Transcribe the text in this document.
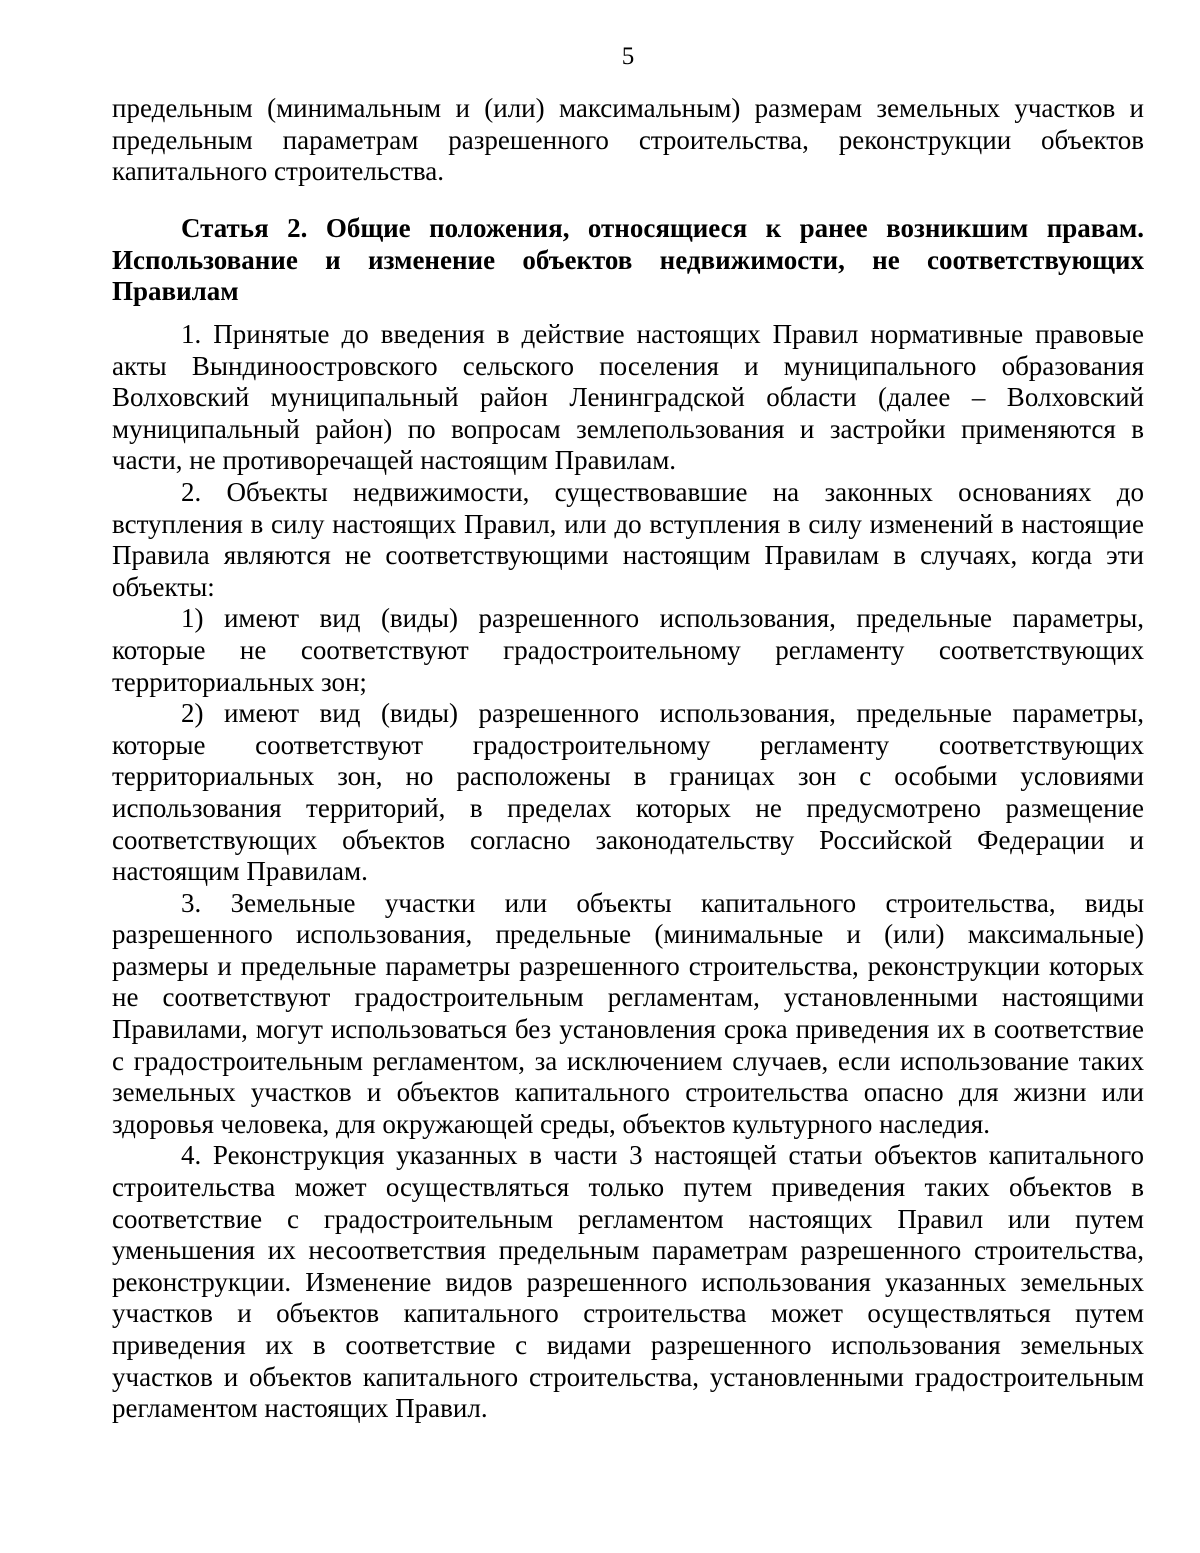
5

предельным (минимальным и (или) максимальным) размерам земельных участков и предельным параметрам разрешенного строительства, реконструкции объектов капитального строительства.

Статья 2. Общие положения, относящиеся к ранее возникшим правам. Использование и изменение объектов недвижимости, не соответствующих Правилам

1. Принятые до введения в действие настоящих Правил нормативные правовые акты Вындиноостровского сельского поселения и муниципального образования Волховский муниципальный район Ленинградской области (далее – Волховский муниципальный район) по вопросам землепользования и застройки применяются в части, не противоречащей настоящим Правилам.

2. Объекты недвижимости, существовавшие на законных основаниях до вступления в силу настоящих Правил, или до вступления в силу изменений в настоящие Правила являются не соответствующими настоящим Правилам в случаях, когда эти объекты:

1) имеют вид (виды) разрешенного использования, предельные параметры, которые не соответствуют градостроительному регламенту соответствующих территориальных зон;

2) имеют вид (виды) разрешенного использования, предельные параметры, которые соответствуют градостроительному регламенту соответствующих территориальных зон, но расположены в границах зон с особыми условиями использования территорий, в пределах которых не предусмотрено размещение соответствующих объектов согласно законодательству Российской Федерации и настоящим Правилам.

3. Земельные участки или объекты капитального строительства, виды разрешенного использования, предельные (минимальные и (или) максимальные) размеры и предельные параметры разрешенного строительства, реконструкции которых не соответствуют градостроительным регламентам, установленными настоящими Правилами, могут использоваться без установления срока приведения их в соответствие с градостроительным регламентом, за исключением случаев, если использование таких земельных участков и объектов капитального строительства опасно для жизни или здоровья человека, для окружающей среды, объектов культурного наследия.

4. Реконструкция указанных в части 3 настоящей статьи объектов капитального строительства может осуществляться только путем приведения таких объектов в соответствие с градостроительным регламентом настоящих Правил или путем уменьшения их несоответствия предельным параметрам разрешенного строительства, реконструкции. Изменение видов разрешенного использования указанных земельных участков и объектов капитального строительства может осуществляться путем приведения их в соответствие с видами разрешенного использования земельных участков и объектов капитального строительства, установленными градостроительным регламентом настоящих Правил.
